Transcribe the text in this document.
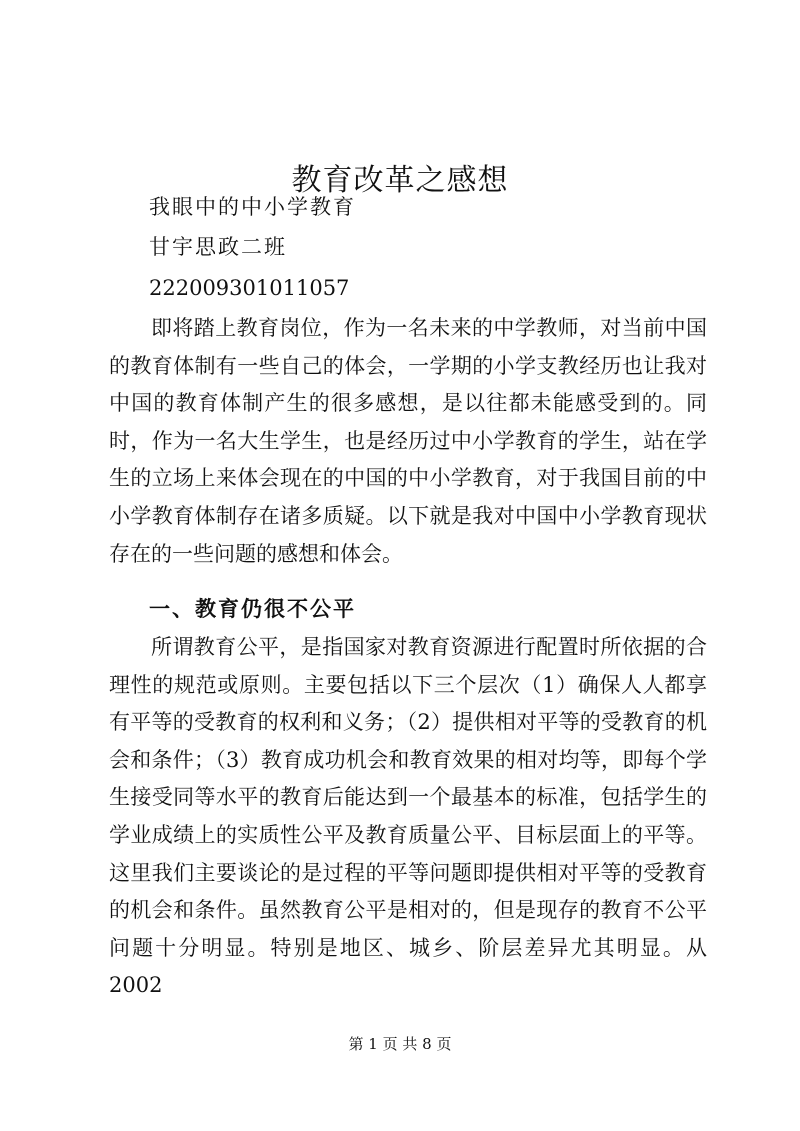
教育改革之感想
我眼中的中小学教育
甘宇思政二班
222009301011057

即将踏上教育岗位，作为一名未来的中学教师，对当前中国的教育体制有一些自己的体会，一学期的小学支教经历也让我对中国的教育体制产生的很多感想，是以往都未能感受到的。同时，作为一名大生学生，也是经历过中小学教育的学生，站在学生的立场上来体会现在的中国的中小学教育，对于我国目前的中小学教育体制存在诸多质疑。以下就是我对中国中小学教育现状存在的一些问题的感想和体会。

一、教育仍很不公平

所谓教育公平，是指国家对教育资源进行配置时所依据的合理性的规范或原则。主要包括以下三个层次（1）确保人人都享有平等的受教育的权利和义务；（2）提供相对平等的受教育的机会和条件；（3）教育成功机会和教育效果的相对均等，即每个学生接受同等水平的教育后能达到一个最基本的标准，包括学生的学业成绩上的实质性公平及教育质量公平、目标层面上的平等。这里我们主要谈论的是过程的平等问题即提供相对平等的受教育的机会和条件。虽然教育公平是相对的，但是现存的教育不公平问题十分明显。特别是地区、城乡、阶层差异尤其明显。从2002

第 1 页 共 8 页
